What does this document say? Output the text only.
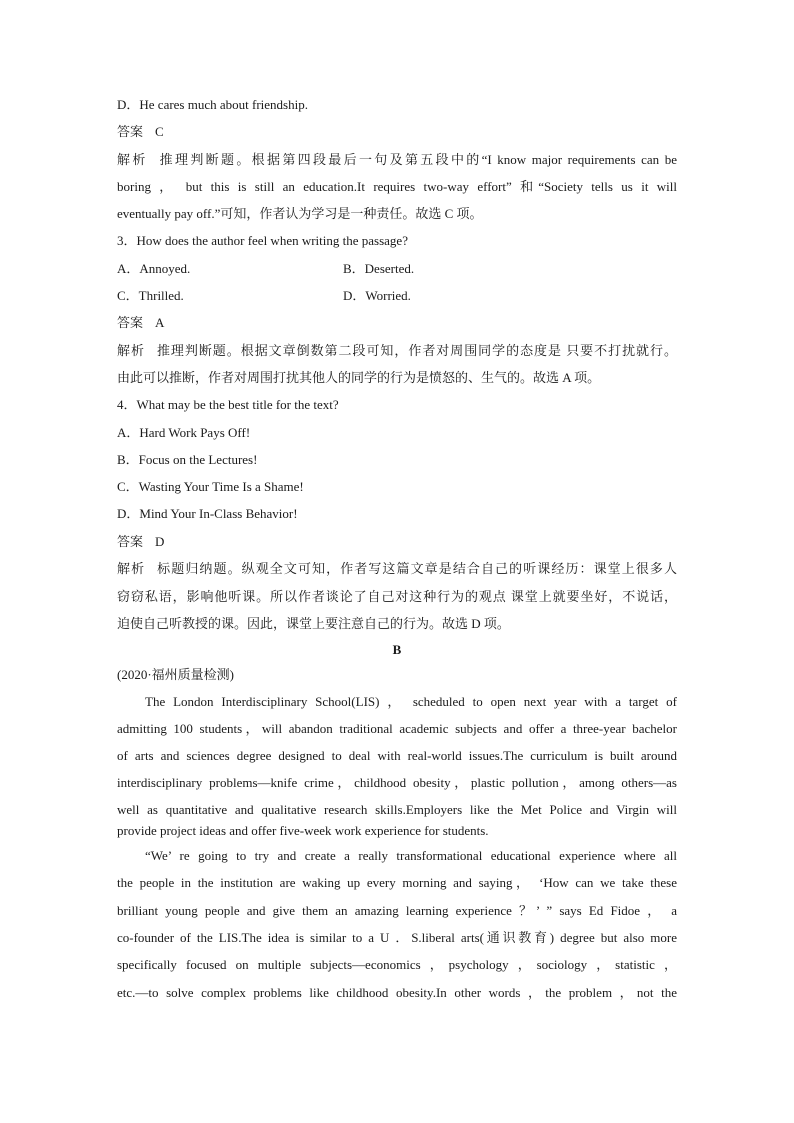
D．He cares much about friendship.
答案 C
解析 推理判断题。根据第四段最后一句及第五段中的“I know major requirements can be
boring ， but this is still an education.It requires two-way effort” 和“Society tells us it will
eventually pay off.”可知，作者认为学习是一种责任。故选 C 项。
3．How does the author feel when writing the passage?
A．Annoyed.	B．Deserted.
C．Thrilled.	D．Worried.
答案 A
解析 推理判断题。根据文章倒数第二段可知，作者对周围同学的态度是 只要不打扰就行。
由此可以推断，作者对周围打扰其他人的同学的行为是愤怒的、生气的。故选 A 项。
4．What may be the best title for the text?
A．Hard Work Pays Off!
B．Focus on the Lectures!
C．Wasting Your Time Is a Shame!
D．Mind Your In-Class Behavior!
答案 D
解析 标题归纳题。纵观全文可知，作者写这篇文章是结合自己的听课经历：课堂上很多人
窃窃私语，影响他听课。所以作者谈论了自己对这种行为的观点 课堂上就要坐好，不说话，
迫使自己听教授的课。因此，课堂上要注意自己的行为。故选 D 项。
B
(2020·福州质量检测)
The London Interdisciplinary School(LIS) ， scheduled to open next year with a target of
admitting 100 students，will abandon traditional academic subjects and offer a three-year bachelor
of arts and sciences degree designed to deal with real-world issues.The curriculum is built around
interdisciplinary problems—knife crime，childhood obesity，plastic pollution，among others—as
well as quantitative and qualitative research skills.Employers like the Met Police and Virgin will
provide project ideas and offer five-week work experience for students.
“We’ re going to try and create a really transformational educational experience where all
the people in the institution are waking up every morning and saying， ‘How can we take these
brilliant young people and give them an amazing learning experience ？’ ” says Ed Fidoe ， a
co-founder of the LIS.The idea is similar to a U ．S.liberal arts(通识教育) degree but also more
specifically focused on multiple subjects—economics ，psychology ，sociology ，statistic ，
etc.—to solve complex problems like childhood obesity.In other words ，the problem ，not the
